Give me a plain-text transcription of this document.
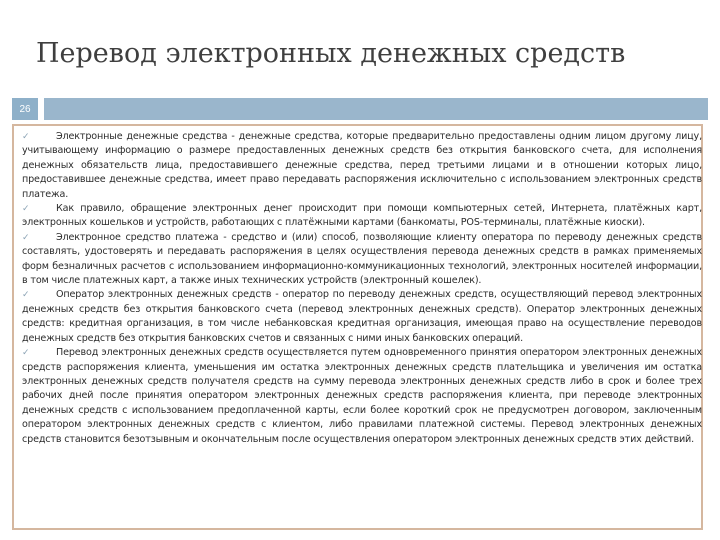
Перевод электронных денежных средств
26

✓	Электронные денежные средства - денежные средства, которые предварительно предоставлены одним лицом другому лицу, учитывающему информацию о размере предоставленных денежных средств без открытия банковского счета, для исполнения денежных обязательств лица, предоставившего денежные средства, перед третьими лицами и в отношении которых лицо, предоставившее денежные средства, имеет право передавать распоряжения исключительно с использованием электронных средств платежа.

✓	Как правило, обращение электронных денег происходит при помощи компьютерных сетей, Интернета, платёжных карт, электронных кошельков и устройств, работающих с платёжными картами (банкоматы, POS-терминалы, платёжные киоски).

✓	Электронное средство платежа - средство и (или) способ, позволяющие клиенту оператора по переводу денежных средств составлять, удостоверять и передавать распоряжения в целях осуществления перевода денежных средств в рамках применяемых форм безналичных расчетов с использованием информационно-коммуникационных технологий, электронных носителей информации, в том числе платежных карт, а также иных технических устройств (электронный кошелек).

✓	Оператор электронных денежных средств - оператор по переводу денежных средств, осуществляющий перевод электронных денежных средств без открытия банковского счета (перевод электронных денежных средств). Оператор электронных денежных средств: кредитная организация, в том числе небанковская кредитная организация, имеющая право на осуществление переводов денежных средств без открытия банковских счетов и связанных с ними иных банковских операций.

✓	Перевод электронных денежных средств осуществляется путем одновременного принятия оператором электронных денежных средств распоряжения клиента, уменьшения им остатка электронных денежных средств плательщика и увеличения им остатка электронных денежных средств получателя средств на сумму перевода электронных денежных средств либо в срок и более трех рабочих дней после принятия оператором электронных денежных средств распоряжения клиента, при переводе электронных денежных средств с использованием предоплаченной карты, если более короткий срок не предусмотрен договором, заключенным оператором электронных денежных средств с клиентом, либо правилами платежной системы. Перевод электронных денежных средств становится безотзывным и окончательным после осуществления оператором электронных денежных средств этих действий.
